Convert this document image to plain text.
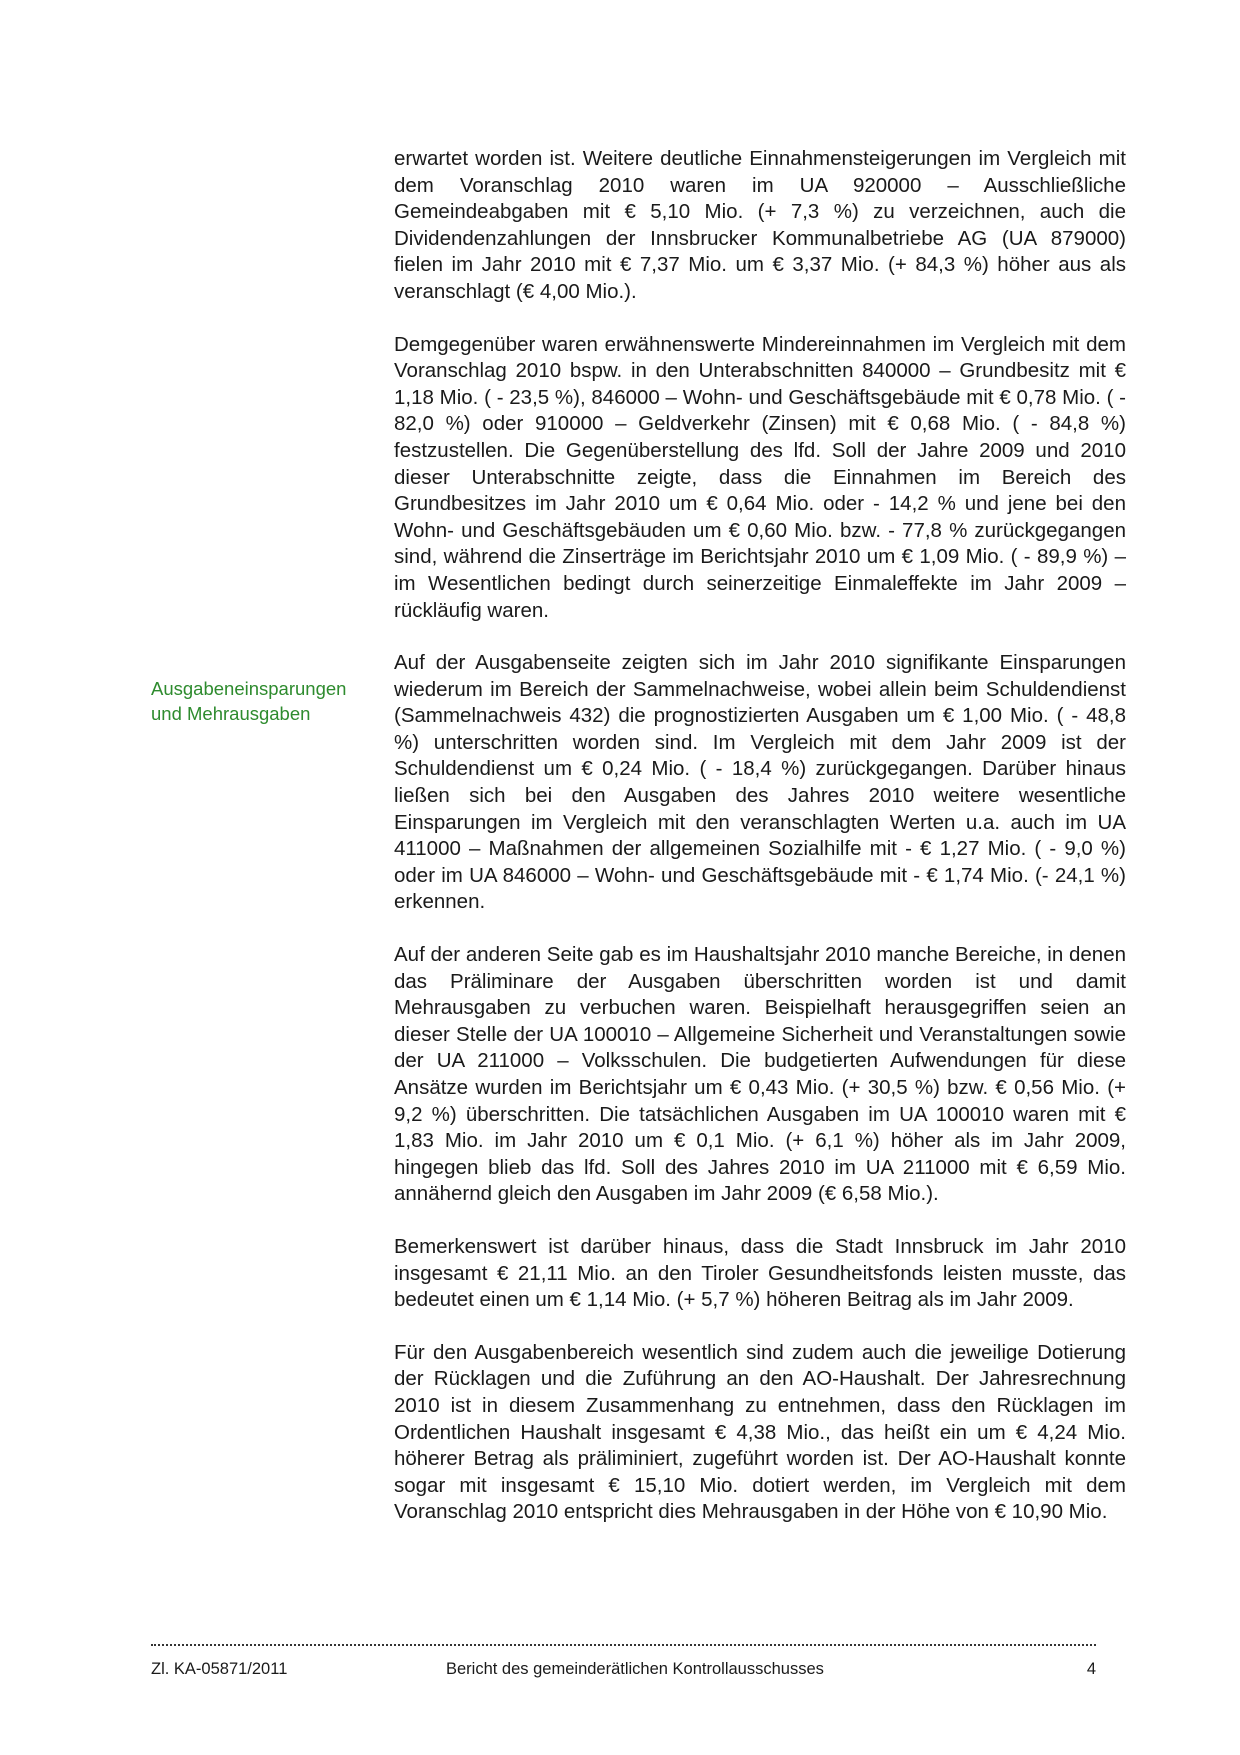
erwartet worden ist. Weitere deutliche Einnahmensteigerungen im Vergleich mit dem Voranschlag 2010 waren im UA 920000 – Ausschließliche Gemeindeabgaben mit € 5,10 Mio. (+ 7,3 %) zu verzeichnen, auch die Dividendenzahlungen der Innsbrucker Kommunalbetriebe AG (UA 879000) fielen im Jahr 2010 mit € 7,37 Mio. um € 3,37 Mio. (+ 84,3 %) höher aus als veranschlagt (€ 4,00 Mio.).

Demgegenüber waren erwähnenswerte Mindereinnahmen im Vergleich mit dem Voranschlag 2010 bspw. in den Unterabschnitten 840000 – Grundbesitz mit € 1,18 Mio. ( - 23,5 %), 846000 – Wohn- und Geschäftsgebäude mit € 0,78 Mio. ( - 82,0 %) oder 910000 – Geldverkehr (Zinsen) mit € 0,68 Mio. ( - 84,8 %) festzustellen. Die Gegenüberstellung des lfd. Soll der Jahre 2009 und 2010 dieser Unterabschnitte zeigte, dass die Einnahmen im Bereich des Grundbesitzes im Jahr 2010 um € 0,64 Mio. oder - 14,2 % und jene bei den Wohn- und Geschäftsgebäuden um € 0,60 Mio. bzw. - 77,8 % zurückgegangen sind, während die Zinserträge im Berichtsjahr 2010 um € 1,09 Mio. ( - 89,9 %) – im Wesentlichen bedingt durch seinerzeitige Einmaleffekte im Jahr 2009 – rückläufig waren.

Auf der Ausgabenseite zeigten sich im Jahr 2010 signifikante Einsparungen wiederum im Bereich der Sammelnachweise, wobei allein beim Schuldendienst (Sammelnachweis 432) die prognostizierten Ausgaben um € 1,00 Mio. ( - 48,8 %) unterschritten worden sind. Im Vergleich mit dem Jahr 2009 ist der Schuldendienst um € 0,24 Mio. ( - 18,4 %) zurückgegangen. Darüber hinaus ließen sich bei den Ausgaben des Jahres 2010 weitere wesentliche Einsparungen im Vergleich mit den veranschlagten Werten u.a. auch im UA 411000 – Maßnahmen der allgemeinen Sozialhilfe mit - € 1,27 Mio. ( - 9,0 %) oder im UA 846000 – Wohn- und Geschäftsgebäude mit - € 1,74 Mio. (- 24,1 %) erkennen.

Auf der anderen Seite gab es im Haushaltsjahr 2010 manche Bereiche, in denen das Präliminare der Ausgaben überschritten worden ist und damit Mehrausgaben zu verbuchen waren. Beispielhaft herausgegriffen seien an dieser Stelle der UA 100010 – Allgemeine Sicherheit und Veranstaltungen sowie der UA 211000 – Volksschulen. Die budgetierten Aufwendungen für diese Ansätze wurden im Berichtsjahr um € 0,43 Mio. (+ 30,5 %) bzw. € 0,56 Mio. (+ 9,2 %) überschritten. Die tatsächlichen Ausgaben im UA 100010 waren mit € 1,83 Mio. im Jahr 2010 um € 0,1 Mio. (+ 6,1 %) höher als im Jahr 2009, hingegen blieb das lfd. Soll des Jahres 2010 im UA 211000 mit € 6,59 Mio. annähernd gleich den Ausgaben im Jahr 2009 (€ 6,58 Mio.).

Bemerkenswert ist darüber hinaus, dass die Stadt Innsbruck im Jahr 2010 insgesamt € 21,11 Mio. an den Tiroler Gesundheitsfonds leisten musste, das bedeutet einen um € 1,14 Mio. (+ 5,7 %) höheren Beitrag als im Jahr 2009.

Für den Ausgabenbereich wesentlich sind zudem auch die jeweilige Dotierung der Rücklagen und die Zuführung an den AO-Haushalt. Der Jahresrechnung 2010 ist in diesem Zusammenhang zu entnehmen, dass den Rücklagen im Ordentlichen Haushalt insgesamt € 4,38 Mio., das heißt ein um € 4,24 Mio. höherer Betrag als präliminiert, zugeführt worden ist. Der AO-Haushalt konnte sogar mit insgesamt € 15,10 Mio. dotiert werden, im Vergleich mit dem Voranschlag 2010 entspricht dies Mehrausgaben in der Höhe von € 10,90 Mio.

Ausgabeneinsparungen
und Mehrausgaben
Zl. KA-05871/2011	Bericht des gemeinderätlichen Kontrollausschusses	4
